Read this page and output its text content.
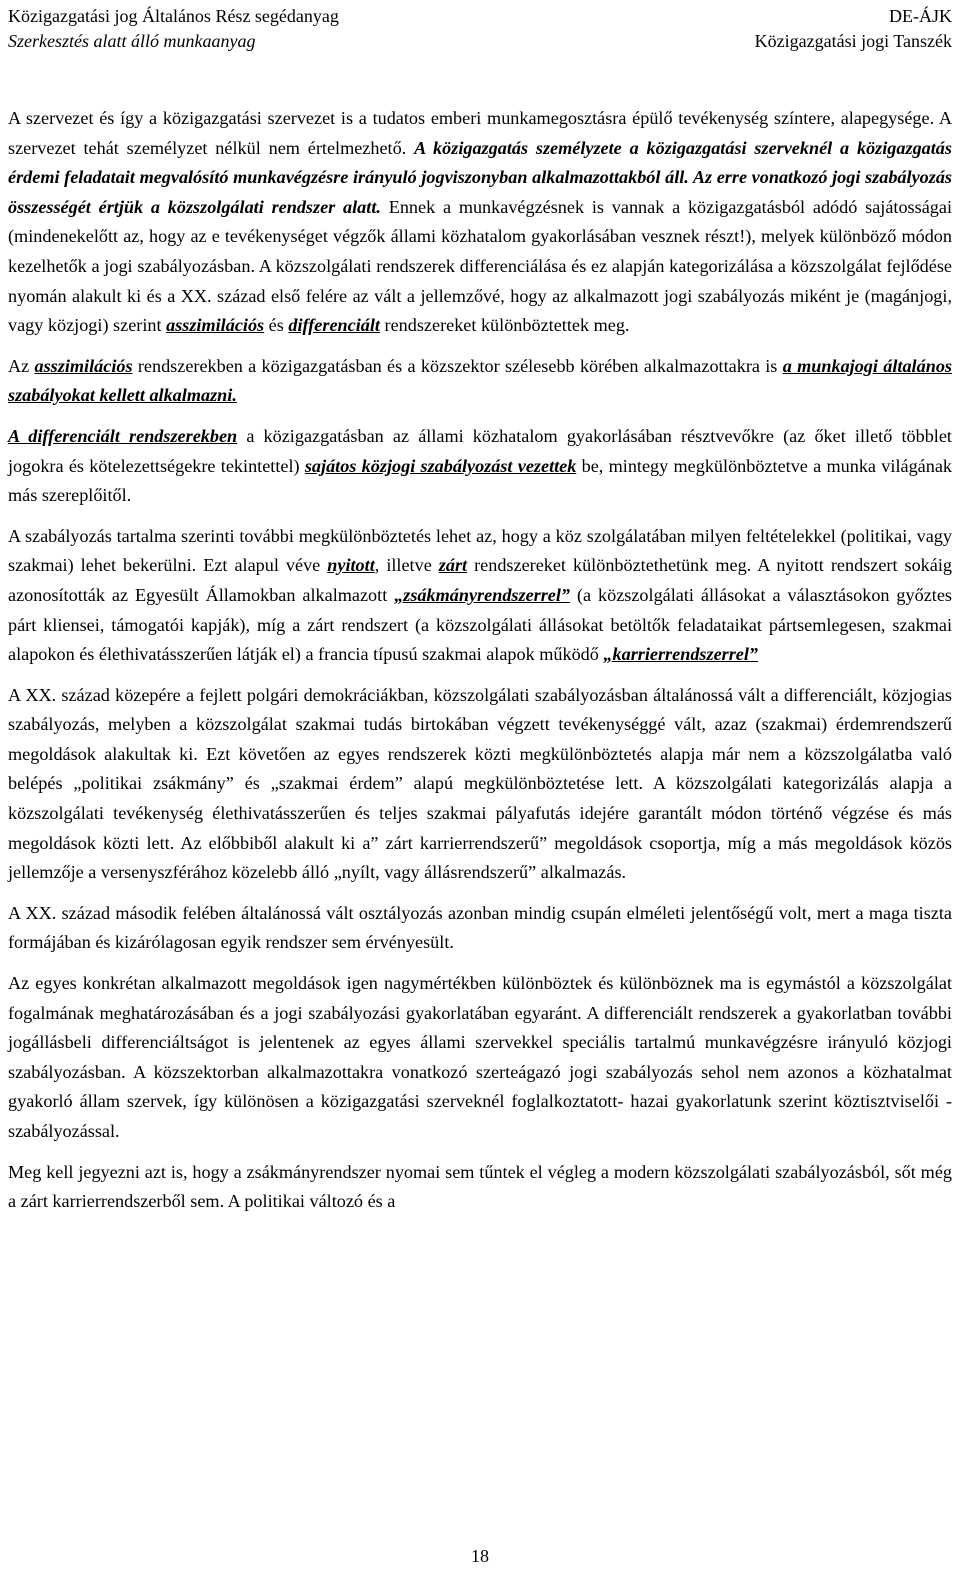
Közigazgatási jog Általános Rész segédanyag
Szerkesztés alatt álló munkaanyag
DE-ÁJK
Közigazgatási jogi Tanszék

A szervezet és így a közigazgatási szervezet is a tudatos emberi munkamegosztásra épülő tevékenység színtere, alapegysége. A szervezet tehát személyzet nélkül nem értelmezhető. A közigazgatás személyzete a közigazgatási szerveknél a közigazgatás érdemi feladatait megvalósító munkavégzésre irányuló jogviszonyban alkalmazottakból áll. Az erre vonatkozó jogi szabályozás összességét értjük a közszolgálati rendszer alatt. Ennek a munkavégzésnek is vannak a közigazgatásból adódó sajátosságai (mindenekelőtt az, hogy az e tevékenységet végzők állami közhatalom gyakorlásában vesznek részt!), melyek különböző módon kezelhetők a jogi szabályozásban. A közszolgálati rendszerek differenciálása és ez alapján kategorizálása a közszolgálat fejlődése nyomán alakult ki és a XX. század első felére az vált a jellemzővé, hogy az alkalmazott jogi szabályozás miként je (magánjogi, vagy közjogi) szerint asszimilációs és differenciált rendszereket különböztettek meg.

Az asszimilációs rendszerekben a közigazgatásban és a közszektor szélesebb körében alkalmazottakra is a munkajogi általános szabályokat kellett alkalmazni.

A differenciált rendszerekben a közigazgatásban az állami közhatalom gyakorlásában résztvevőkre (az őket illető többlet jogokra és kötelezettségekre tekintettel) sajátos közjogi szabályozást vezettek be, mintegy megkülönböztetve a munka világának más szereplőitől.

A szabályozás tartalma szerinti további megkülönböztetés lehet az, hogy a köz szolgálatában milyen feltételekkel (politikai, vagy szakmai) lehet bekerülni. Ezt alapul véve nyitott, illetve zárt rendszereket különböztethetünk meg. A nyitott rendszert sokáig azonosították az Egyesült Államokban alkalmazott „zsákmányrendszerrel” (a közszolgálati állásokat a választásokon győztes párt kliensei, támogatói kapják), míg a zárt rendszert (a közszolgálati állásokat betöltők feladataikat pártsemlegesen, szakmai alapokon és élethivatásszerűen látják el) a francia típusú szakmai alapok működő „karrierrendszerrel”

A XX. század közepére a fejlett polgári demokráciákban, közszolgálati szabályozásban általánossá vált a differenciált, közjogias szabályozás, melyben a közszolgálat szakmai tudás birtokában végzett tevékenységgé vált, azaz (szakmai) érdemrendszerű megoldások alakultak ki. Ezt követően az egyes rendszerek közti megkülönböztetés alapja már nem a közszolgálatba való belépés „politikai zsákmány” és „szakmai érdem” alapú megkülönböztetése lett. A közszolgálati kategorizálás alapja a közszolgálati tevékenység élethivatásszerűen és teljes szakmai pályafutás idejére garantált módon történő végzése és más megoldások közti lett. Az előbbiből alakult ki a” zárt karrierrendszerű” megoldások csoportja, míg a más megoldások közös jellemzője a versenyszférához közelebb álló „nyílt, vagy állásrendszerű” alkalmazás.

A XX. század második felében általánossá vált osztályozás azonban mindig csupán elméleti jelentőségű volt, mert a maga tiszta formájában és kizárólagosan egyik rendszer sem érvényesült.

Az egyes konkrétan alkalmazott megoldások igen nagymértékben különböztek és különböznek ma is egymástól a közszolgálat fogalmának meghatározásában és a jogi szabályozási gyakorlatában egyaránt. A differenciált rendszerek a gyakorlatban további jogállásbeli differenciáltságot is jelentenek az egyes állami szervekkel speciális tartalmú munkavégzésre irányuló közjogi szabályozásban. A közszektorban alkalmazottakra vonatkozó szerteágazó jogi szabályozás sehol nem azonos a közhatalmat gyakorló állam szervek, így különösen a közigazgatási szerveknél foglalkoztatott- hazai gyakorlatunk szerint köztisztviselői - szabályozással.

Meg kell jegyezni azt is, hogy a zsákmányrendszer nyomai sem tűntek el végleg a modern közszolgálati szabályozásból, sőt még a zárt karrierrendszerből sem. A politikai változó és a

18
